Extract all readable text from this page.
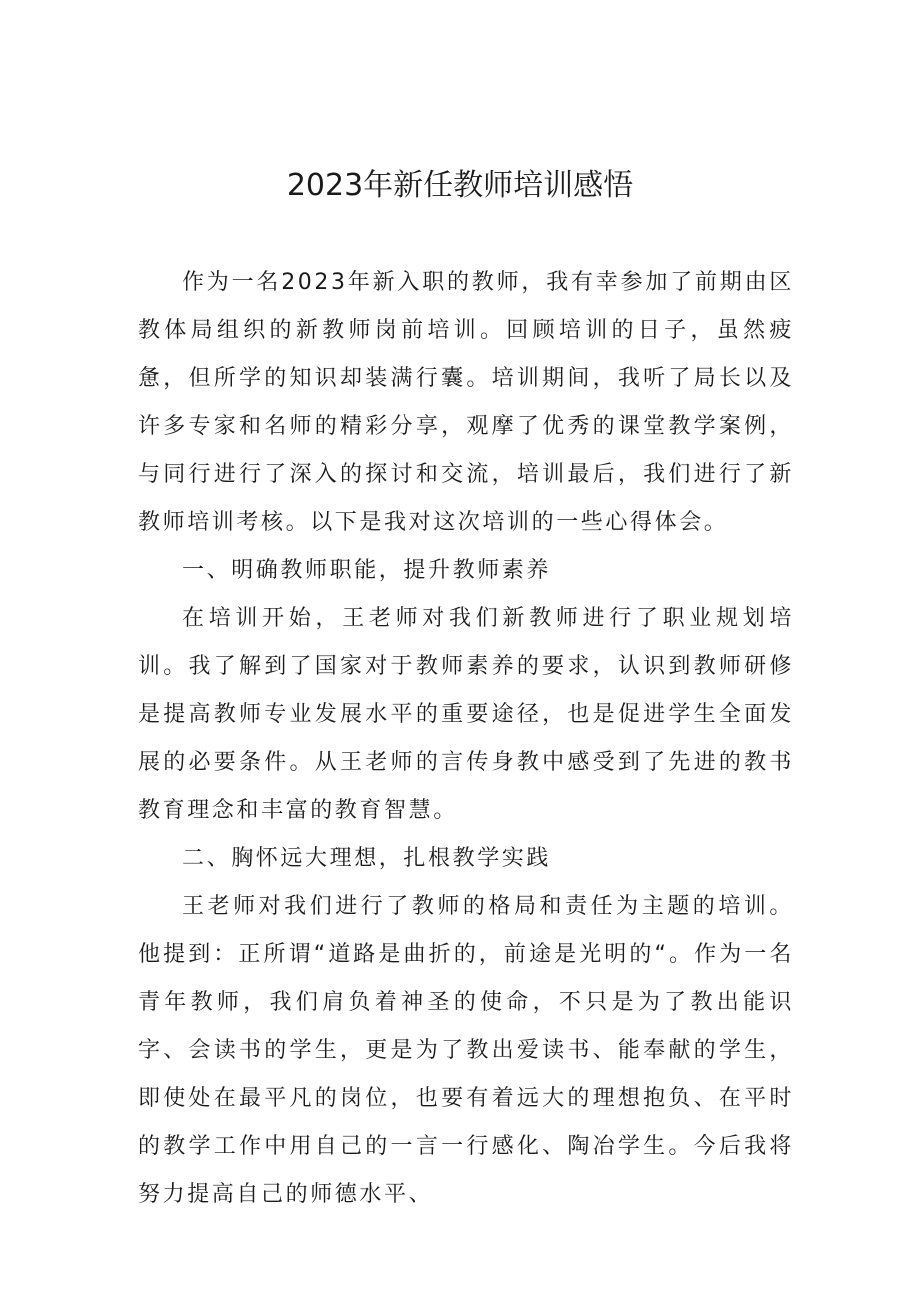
2023年新任教师培训感悟

作为一名2023年新入职的教师，我有幸参加了前期由区教体局组织的新教师岗前培训。回顾培训的日子，虽然疲惫，但所学的知识却装满行囊。培训期间，我听了局长以及许多专家和名师的精彩分享，观摩了优秀的课堂教学案例，与同行进行了深入的探讨和交流，培训最后，我们进行了新教师培训考核。以下是我对这次培训的一些心得体会。

一、明确教师职能，提升教师素养

在培训开始，王老师对我们新教师进行了职业规划培训。我了解到了国家对于教师素养的要求，认识到教师研修是提高教师专业发展水平的重要途径，也是促进学生全面发展的必要条件。从王老师的言传身教中感受到了先进的教书教育理念和丰富的教育智慧。

二、胸怀远大理想，扎根教学实践

王老师对我们进行了教师的格局和责任为主题的培训。他提到：正所谓“道路是曲折的，前途是光明的“。作为一名青年教师，我们肩负着神圣的使命，不只是为了教出能识字、会读书的学生，更是为了教出爱读书、能奉献的学生，即使处在最平凡的岗位，也要有着远大的理想抱负、在平时的教学工作中用自己的一言一行感化、陶冶学生。今后我将努力提高自己的师德水平、
